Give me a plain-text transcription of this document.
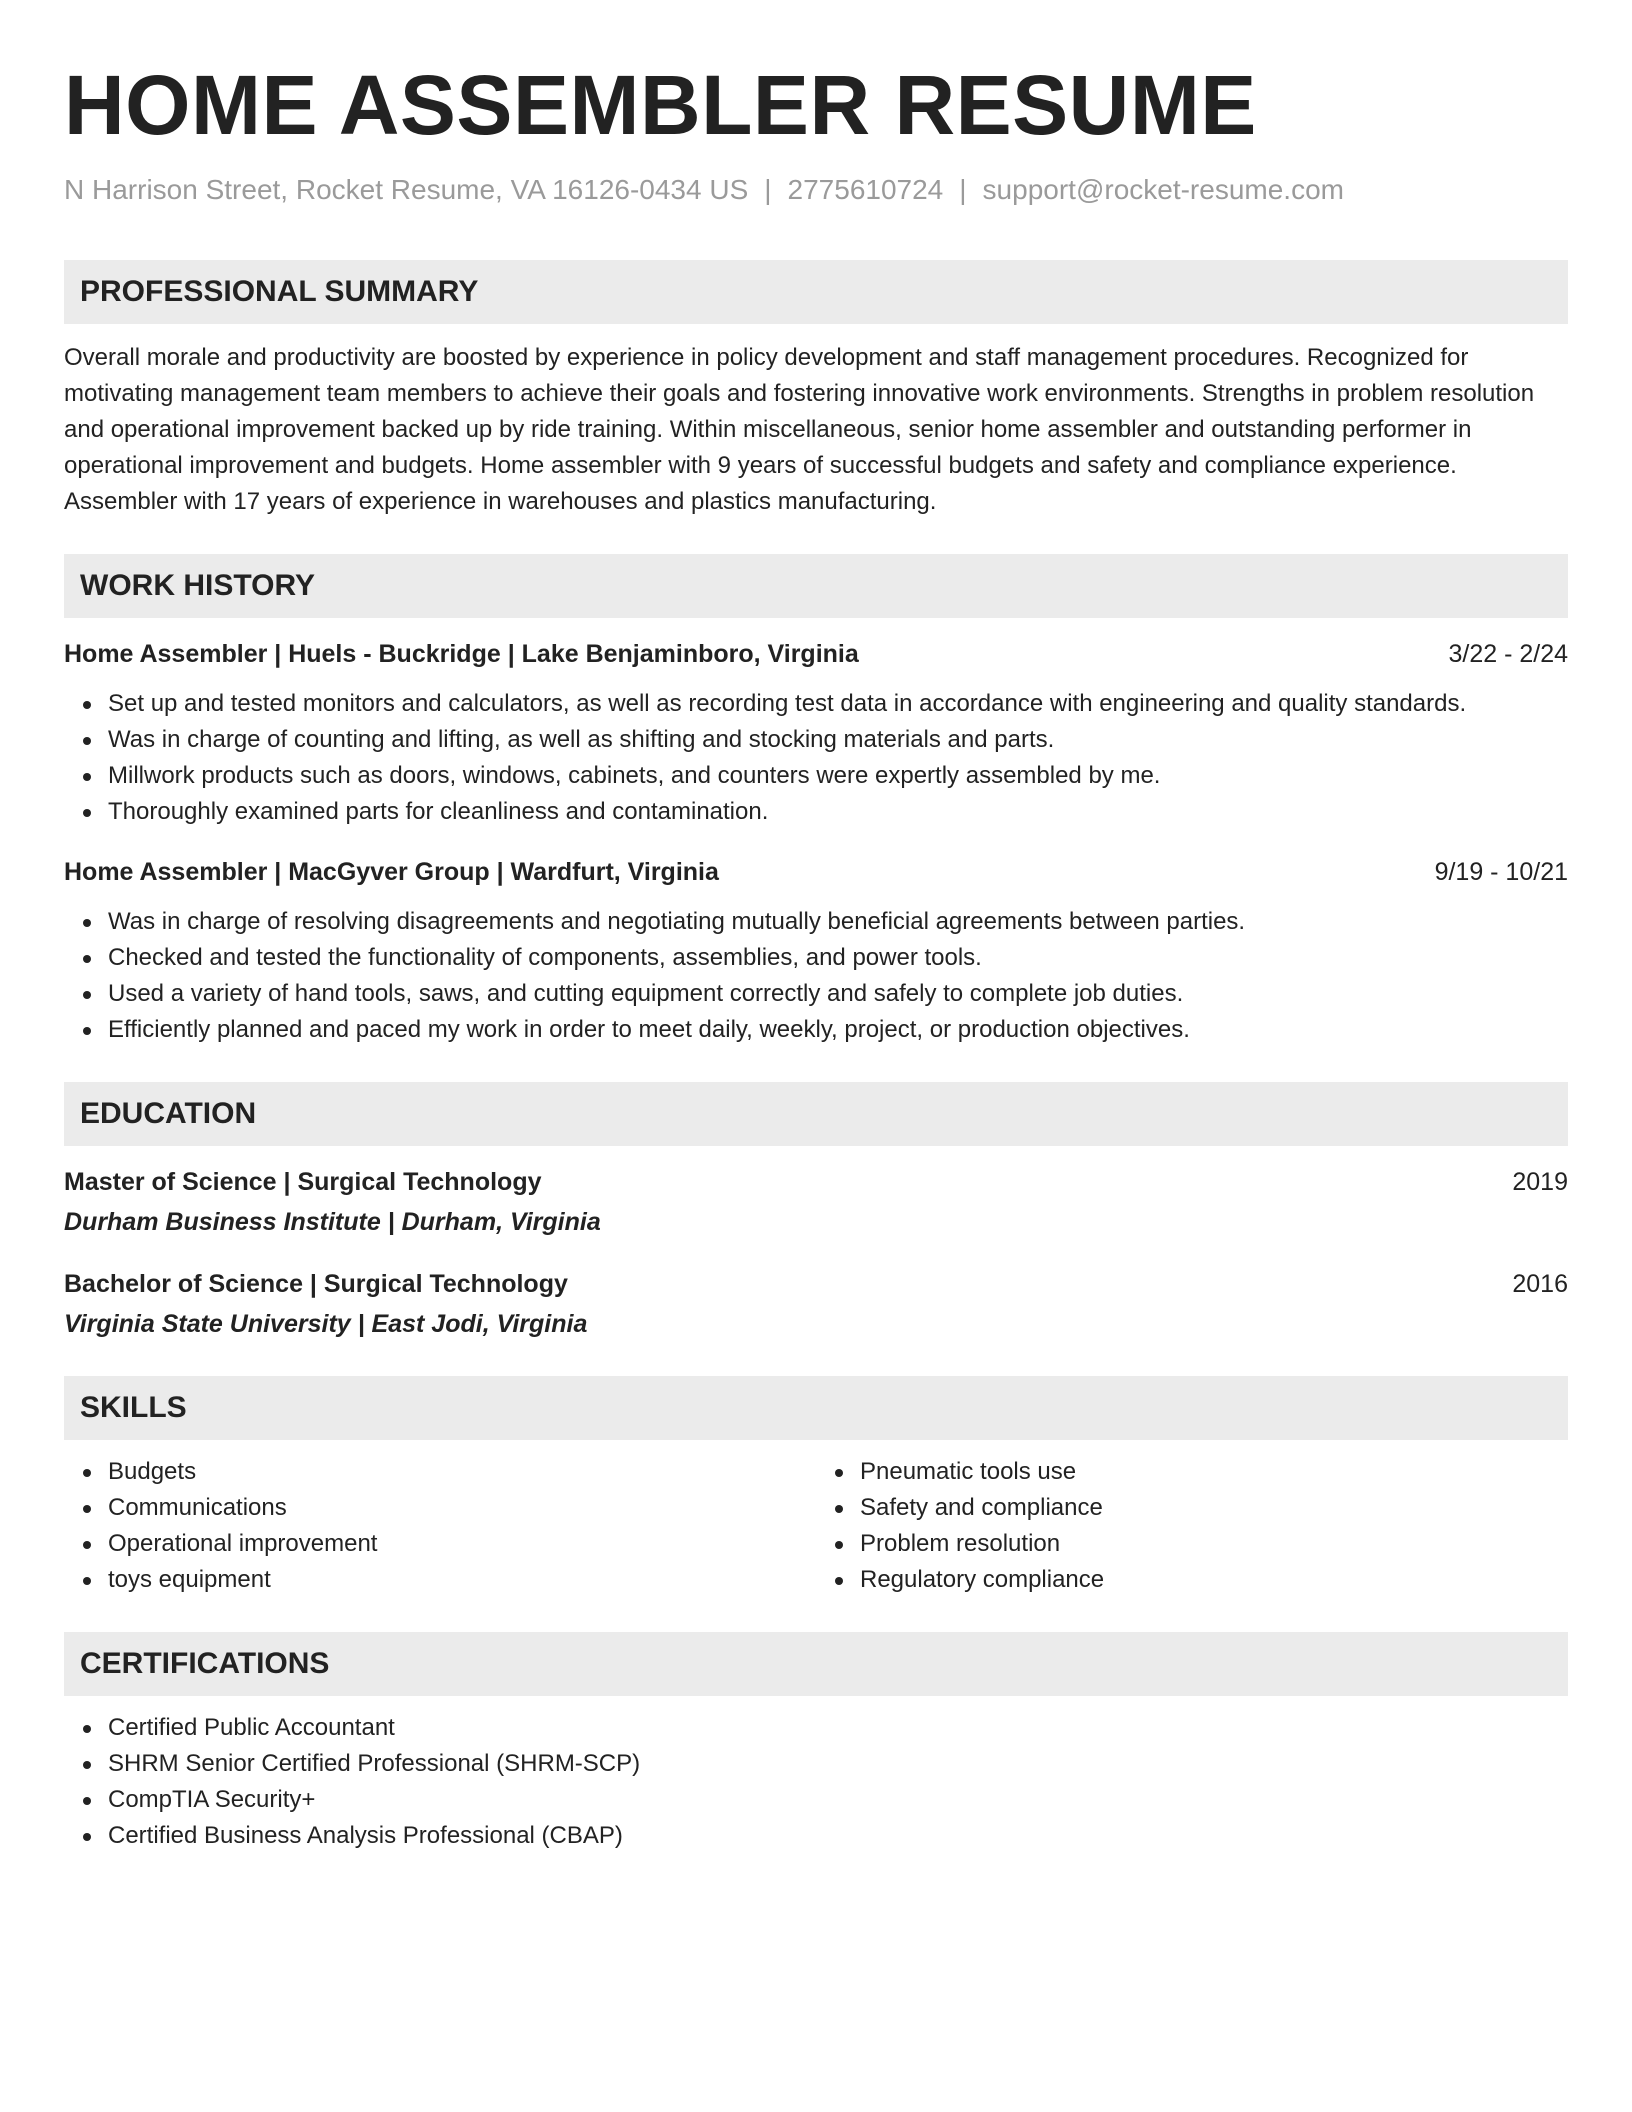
HOME ASSEMBLER RESUME
N Harrison Street, Rocket Resume, VA 16126-0434 US | 2775610724 | support@rocket-resume.com
PROFESSIONAL SUMMARY
Overall morale and productivity are boosted by experience in policy development and staff management procedures. Recognized for motivating management team members to achieve their goals and fostering innovative work environments. Strengths in problem resolution and operational improvement backed up by ride training. Within miscellaneous, senior home assembler and outstanding performer in operational improvement and budgets. Home assembler with 9 years of successful budgets and safety and compliance experience. Assembler with 17 years of experience in warehouses and plastics manufacturing.
WORK HISTORY
Home Assembler | Huels - Buckridge | Lake Benjaminboro, Virginia	3/22 - 2/24
Set up and tested monitors and calculators, as well as recording test data in accordance with engineering and quality standards.
Was in charge of counting and lifting, as well as shifting and stocking materials and parts.
Millwork products such as doors, windows, cabinets, and counters were expertly assembled by me.
Thoroughly examined parts for cleanliness and contamination.
Home Assembler | MacGyver Group | Wardfurt, Virginia	9/19 - 10/21
Was in charge of resolving disagreements and negotiating mutually beneficial agreements between parties.
Checked and tested the functionality of components, assemblies, and power tools.
Used a variety of hand tools, saws, and cutting equipment correctly and safely to complete job duties.
Efficiently planned and paced my work in order to meet daily, weekly, project, or production objectives.
EDUCATION
Master of Science | Surgical Technology	2019
Durham Business Institute | Durham, Virginia
Bachelor of Science | Surgical Technology	2016
Virginia State University | East Jodi, Virginia
SKILLS
Budgets
Communications
Operational improvement
toys equipment
Pneumatic tools use
Safety and compliance
Problem resolution
Regulatory compliance
CERTIFICATIONS
Certified Public Accountant
SHRM Senior Certified Professional (SHRM-SCP)
CompTIA Security+
Certified Business Analysis Professional (CBAP)
